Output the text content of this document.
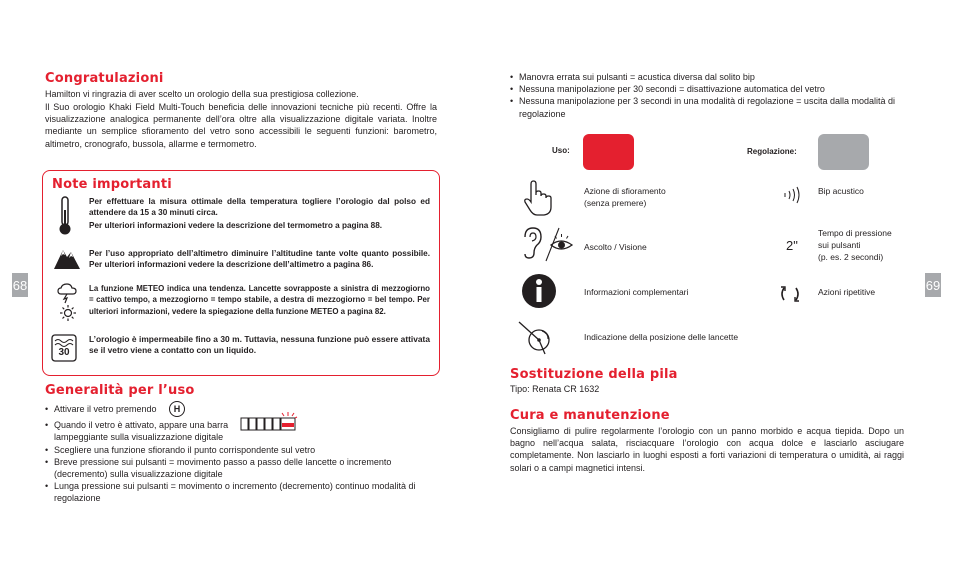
68	69
Congratulazioni
Hamilton vi ringrazia di aver scelto un orologio della sua prestigiosa collezione.
Il Suo orologio Khaki Field Multi-Touch beneficia delle innovazioni tecniche più recenti. Offre la visualizzazione analogica permanente dell’ora oltre alla visualizzazione digitale variata. Inoltre mediante un semplice sfioramento del vetro sono accessibili le seguenti funzioni: barometro, altimetro, cronografo, bussola, allarme e termometro.
Note importanti
Per effettuare la misura ottimale della temperatura togliere l’orologio dal polso ed attendere da 15 a 30 minuti circa.
Per ulteriori informazioni vedere la descrizione del termometro a pagina 88.
Per l’uso appropriato dell’altimetro diminuire l’altitudine tante volte quanto possibile. Per ulteriori informazioni vedere la descrizione dell’altimetro a pagina 86.
La funzione METEO indica una tendenza. Lancette sovrapposte a sinistra di mezzogiorno = cattivo tempo, a mezzogiorno = tempo stabile, a destra di mezzogiorno = bel tempo. Per ulteriori informazioni, vedere la spiegazione della funzione METEO a pagina 82.
30
L’orologio è impermeabile fino a 30 m. Tuttavia, nessuna funzione può essere attivata se il vetro viene a contatto con un liquido.
Generalità per l’uso
• Attivare il vetro premendo
• Quando il vetro è attivato, appare una barra
lampeggiante sulla visualizzazione digitale
• Scegliere una funzione sfiorando il punto corrispondente sul vetro
• Breve pressione sui pulsanti = movimento passo a passo delle lancette o incremento (decremento) sulla visualizzazione digitale
• Lunga pressione sui pulsanti = movimento o incremento (decremento) continuo modalità di regolazione
H
• Manovra errata sui pulsanti = acustica diversa dal solito bip
• Nessuna manipolazione per 30 secondi = disattivazione automatica del vetro
• Nessuna manipolazione per 3 secondi in una modalità di regolazione = uscita dalla modalità di regolazione
Uso:	Regolazione:
Azione di sfioramento
(senza premere)
Ascolto / Visione
Informazioni complementari
Indicazione della posizione delle lancette
Bip acustico
2"
Tempo di pressione
sui pulsanti
(p. es. 2 secondi)
Azioni ripetitive
Sostituzione della pila
Tipo: Renata CR 1632
Cura e manutenzione
Consigliamo di pulire regolarmente l’orologio con un panno morbido e acqua tiepida. Dopo un bagno nell’acqua salata, risciacquare l’orologio con acqua dolce e lasciarlo asciugare completamente. Non lasciarlo in luoghi esposti a forti variazioni di temperatura o umidità, ai raggi solari o a campi magnetici intensi.
